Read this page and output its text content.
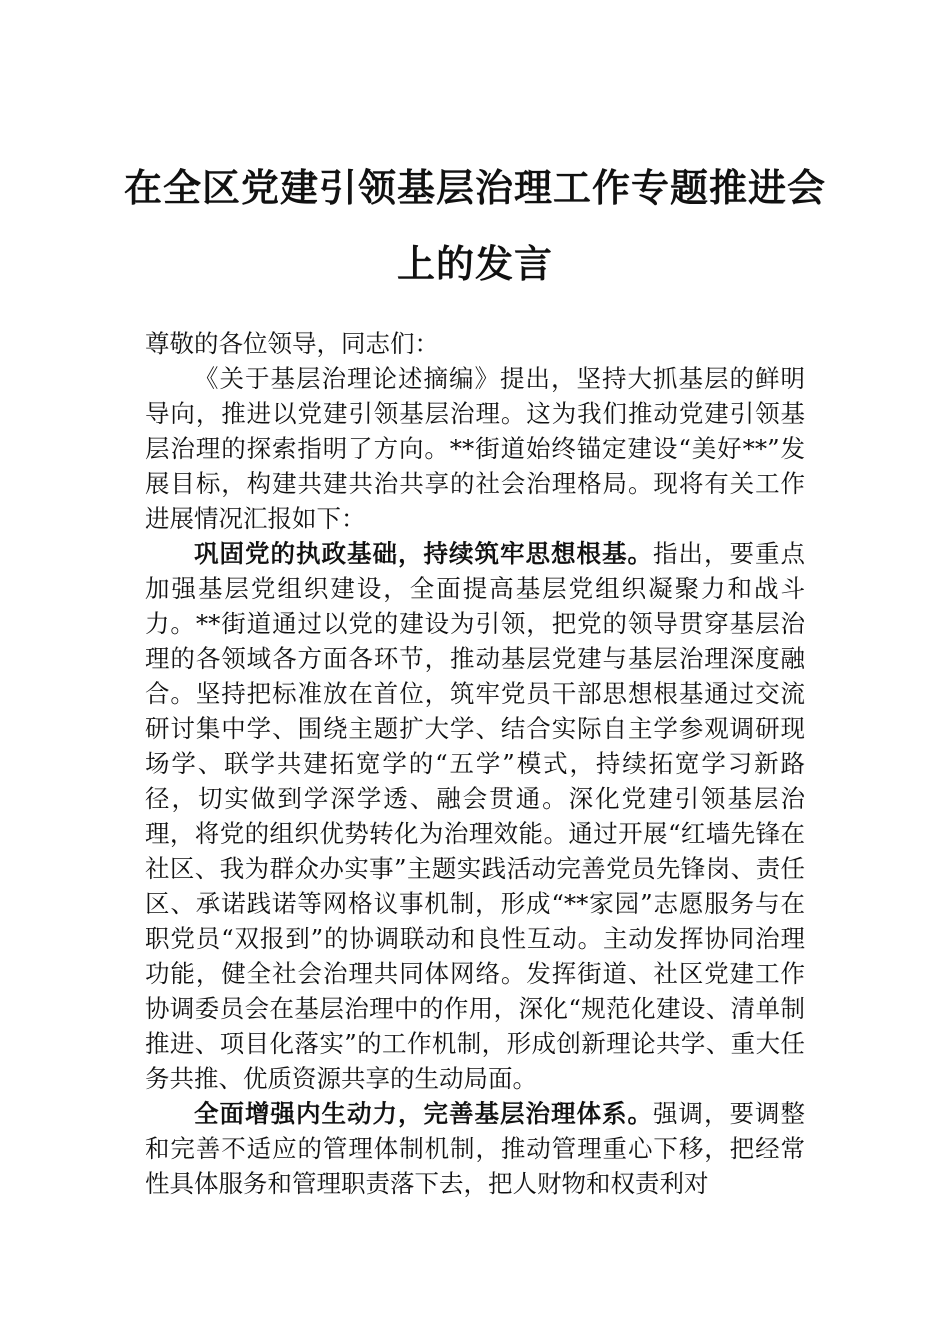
在全区党建引领基层治理工作专题推进会上的发言

尊敬的各位领导，同志们：

《关于基层治理论述摘编》提出，坚持大抓基层的鲜明导向，推进以党建引领基层治理。这为我们推动党建引领基层治理的探索指明了方向。**街道始终锚定建设“美好**”发展目标，构建共建共治共享的社会治理格局。现将有关工作进展情况汇报如下：

巩固党的执政基础，持续筑牢思想根基。指出，要重点加强基层党组织建设，全面提高基层党组织凝聚力和战斗力。**街道通过以党的建设为引领，把党的领导贯穿基层治理的各领域各方面各环节，推动基层党建与基层治理深度融合。坚持把标准放在首位，筑牢党员干部思想根基通过交流研讨集中学、围绕主题扩大学、结合实际自主学参观调研现场学、联学共建拓宽学的“五学”模式，持续拓宽学习新路径，切实做到学深学透、融会贯通。深化党建引领基层治理，将党的组织优势转化为治理效能。通过开展“红墙先锋在社区、我为群众办实事”主题实践活动完善党员先锋岗、责任区、承诺践诺等网格议事机制，形成“**家园”志愿服务与在职党员“双报到”的协调联动和良性互动。主动发挥协同治理功能，健全社会治理共同体网络。发挥街道、社区党建工作协调委员会在基层治理中的作用，深化“规范化建设、清单制推进、项目化落实”的工作机制，形成创新理论共学、重大任务共推、优质资源共享的生动局面。

全面增强内生动力，完善基层治理体系。强调，要调整和完善不适应的管理体制机制，推动管理重心下移，把经常性具体服务和管理职责落下去，把人财物和权责利对
